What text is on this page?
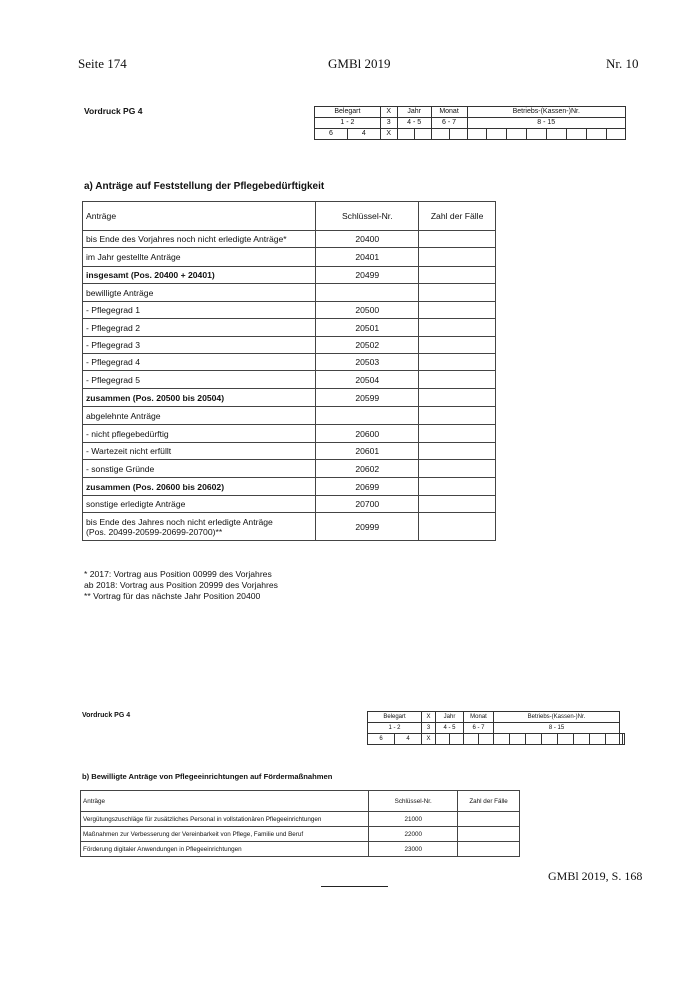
Seite 174	GMBl 2019	Nr. 10
Vordruck PG 4	Belegart		X	Jahr		Monat		Betriebs-(Kassen-)Nr.							
1 - 2		3	4 - 5		6 - 7		8 - 15							
6	4	X												
a) Anträge auf Feststellung der Pflegebedürftigkeit
Anträge	Schlüssel-Nr.	Zahl der Fälle

bis Ende des Vorjahres noch nicht erledigte Anträge*	20400	

im Jahr gestellte Anträge	20401	

insgesamt (Pos. 20400 + 20401)	20499	

bewilligte Anträge		

- Pflegegrad 1	20500	

- Pflegegrad 2	20501	

- Pflegegrad 3	20502	

- Pflegegrad 4	20503	

- Pflegegrad 5	20504	

zusammen (Pos. 20500 bis 20504)	20599	

abgelehnte Anträge		

- nicht pflegebedürftig	20600	

- Wartezeit nicht erfüllt	20601	

- sonstige Gründe	20602	

zusammen (Pos. 20600 bis 20602)	20699	

sonstige erledigte Anträge	20700	

bis Ende des Jahres noch nicht erledigte Anträge
(Pos. 20499-20599-20699-20700)**	20999	
* 2017: Vortrag aus Position 00999 des Vorjahres
ab 2018: Vortrag aus Position 20999 des Vorjahres
** Vortrag für das nächste Jahr Position 20400
Vordruck PG 4	Belegart		X	Jahr		Monat		Betriebs-(Kassen-)Nr.									
1 - 2		3	4 - 5		6 - 7		8 - 15									
6	4	X														
b) Bewilligte Anträge von Pflegeeinrichtungen auf Fördermaßnahmen
Anträge	Schlüssel-Nr.	Zahl der Fälle
Vergütungszuschläge für zusätzliches Personal in vollstationären Pflegeeinrichtungen	21000	
Maßnahmen zur Verbesserung der Vereinbarkeit von Pflege, Familie und Beruf	22000	
Förderung digitaler Anwendungen in Pflegeeinrichtungen	23000	
GMBl 2019, S. 168
